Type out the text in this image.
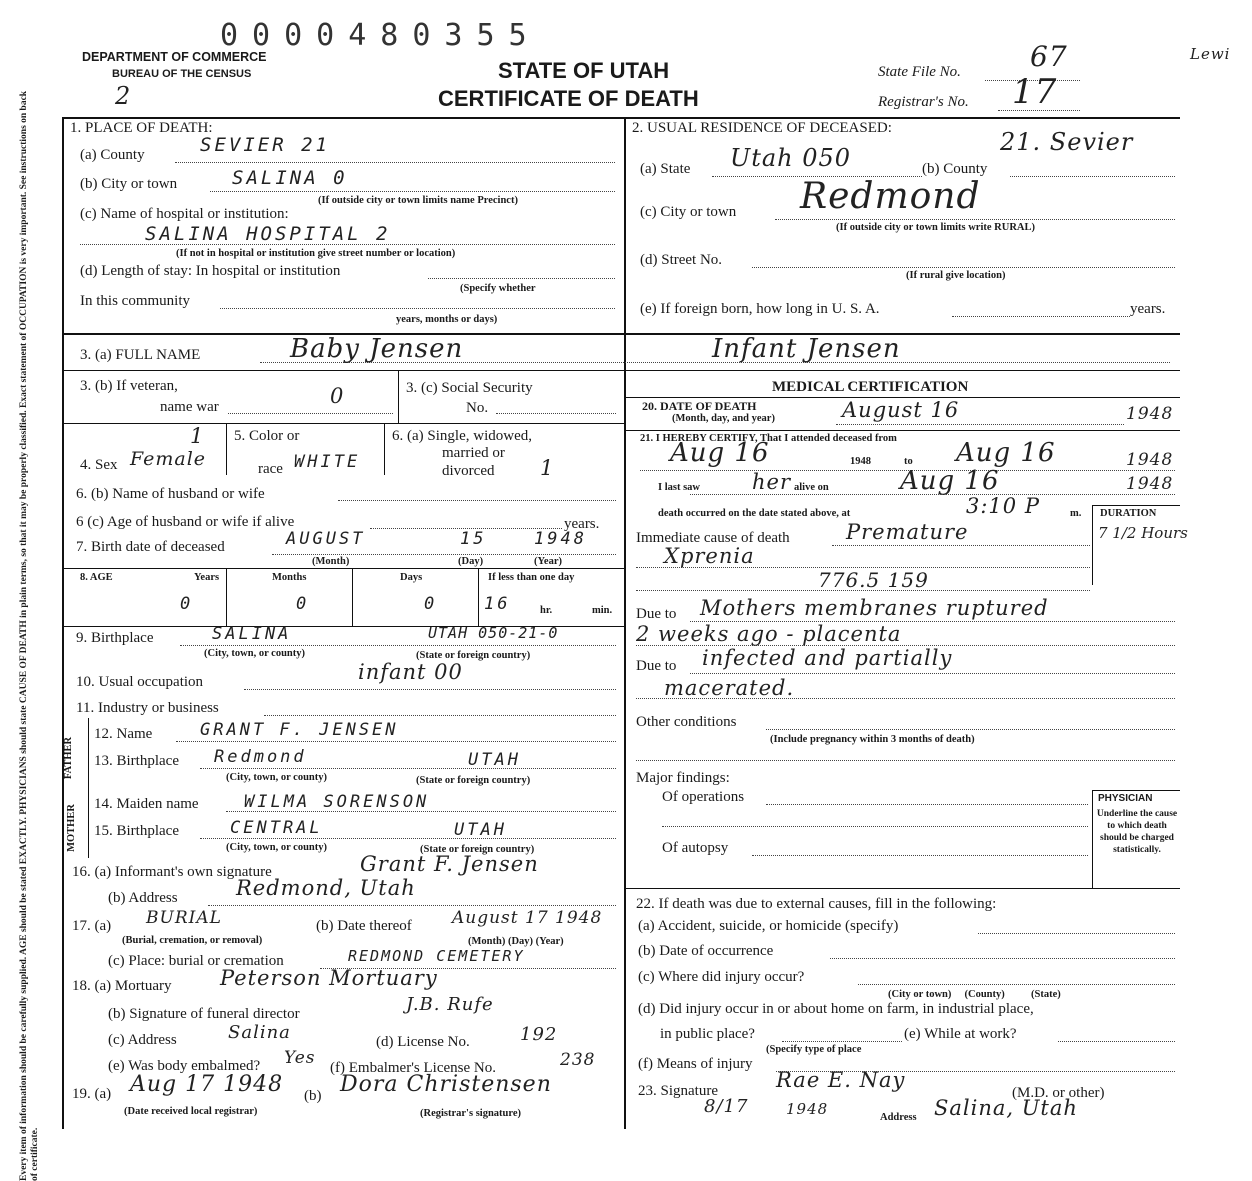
0000480355
Lewi
DEPARTMENT OF COMMERCE
BUREAU OF THE CENSUS
2
STATE OF UTAH
CERTIFICATE OF DEATH
State File No. 67
Registrar's No. 17
Every item of information should be carefully supplied. AGE should be stated EXACTLY. PHYSICIANS should state CAUSE OF DEATH in plain terms, so that it may be properly classified. Exact statement of OCCUPATION is very important. See instructions on back of certificate.
1. PLACE OF DEATH:
(a) County	SEVIER 21
(b) City or town	SALINA 0
(If outside city or town limits name Precinct)
(c) Name of hospital or institution:
SALINA HOSPITAL 2
(If not in hospital or institution give street number or location)
(d) Length of stay: In hospital or institution
(Specify whether
In this community
years, months or days)
2. USUAL RESIDENCE OF DECEASED:
(a) State Utah 050	(b) County
21. Sevier
(c) City or town Redmond
(If outside city or town limits write RURAL)
(d) Street No.
(If rural give location)
(e) If foreign born, how long in U. S. A.	years.
3. (a) FULL NAME	Baby Jensen	Infant Jensen
3. (b) If veteran,
name war	0	3. (c) Social Security
No.
4. Sex Female
1 5. Color or
race WHITE
6. (a) Single, widowed,
married or
divorced 1
6. (b) Name of husband or wife
6 (c) Age of husband or wife if alive	years.
7. Birth date of deceased	AUGUST	15	1948
(Month)	(Day)	(Year)
8. AGE	Years	Months	Days	If less than one day
0	0	0	16	hr.	min.
9. Birthplace	SALINA	UTAH 050-21-0
(City, town, or county)	(State or foreign country)
10. Usual occupation	infant 00
11. Industry or business
FATHER
MOTHER
12. Name	GRANT F. JENSEN
13. Birthplace Redmond	UTAH
(City, town, or county)	(State or foreign country)
14. Maiden name	WILMA SORENSON
15. Birthplace	CENTRAL	UTAH
(City, town, or county)	(State or foreign country)
16. (a) Informant's own signature	Grant F. Jensen
(b) Address	Redmond, Utah
17. (a) BURIAL
(Burial, cremation, or removal)
(b) Date thereof August 17 1948
(Month) (Day) (Year)
(c) Place: burial or cremation	REDMOND CEMETERY
18. (a) Mortuary Peterson Mortuary
(b) Signature of funeral director	J.B. Rufe
(c) Address	Salina	(d) License No.	192
(e) Was body embalmed? Yes (f) Embalmer's License No.	238
19. (a) Aug 17 1948 (b) Dora Christensen
(Date received local registrar)	(Registrar's signature)
MEDICAL CERTIFICATION
20. DATE OF DEATH
(Month, day, and year)	August 16	1948
21. I HEREBY CERTIFY, That I attended deceased from
Aug 16	1948	to Aug 16	1948
I last saw her alive on	Aug 16	1948
death occurred on the date stated above, at	3:10 P	m. DURATION
7 1/2 Hours
Immediate cause of death	Premature
Xprenia
776.5 159
Due to Mothers membranes ruptured
2 weeks ago - placenta
Due to infected and partially
macerated.
Other conditions
(Include pregnancy within 3 months of death)
Major findings:
Of operations
Of autopsy
PHYSICIAN
Underline the cause to which death should be charged statistically.
22. If death was due to external causes, fill in the following:
(a) Accident, suicide, or homicide (specify)
(b) Date of occurrence
(c) Where did injury occur?
(City or town)     (County)          (State)
(d) Did injury occur in or about home on farm, in industrial place,
in public place?
(Specify type of place
(e) While at work?
(f) Means of injury
23. Signature	Rae E. Nay
(M.D. or other)
8/17	1948	Address Salina, Utah
